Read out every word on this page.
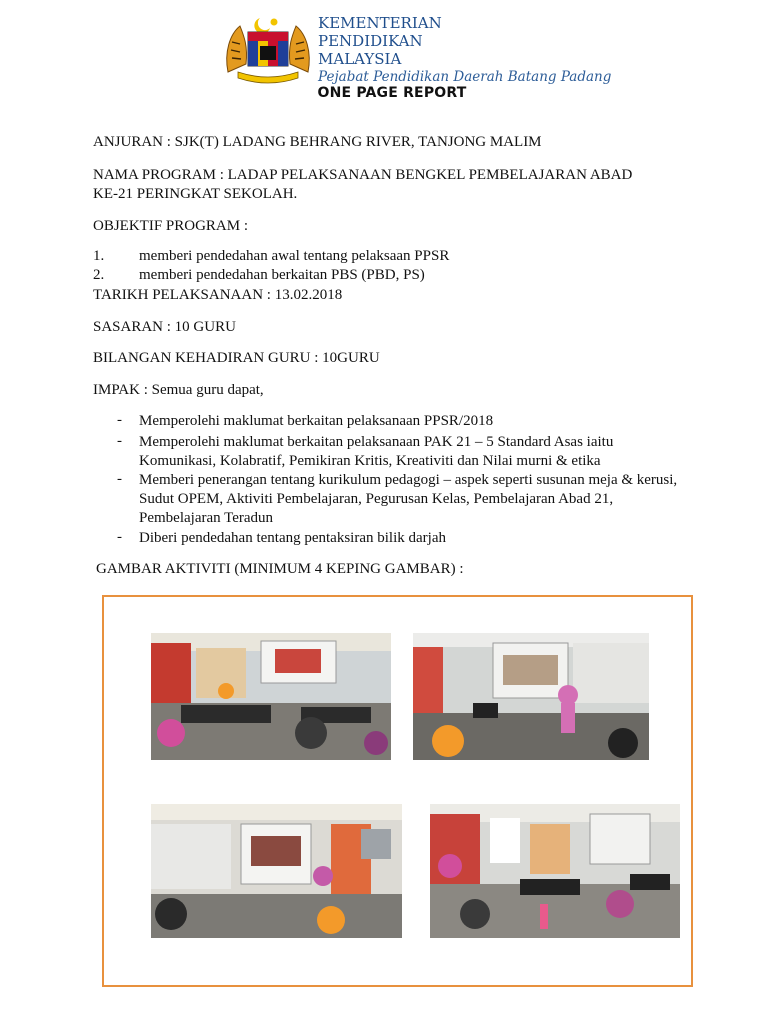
KEMENTERIAN
PENDIDIKAN
MALAYSIA
Pejabat Pendidikan Daerah Batang Padang
ONE PAGE REPORT
ANJURAN : SJK(T) LADANG BEHRANG RIVER, TANJONG MALIM
NAMA PROGRAM : LADAP PELAKSANAAN BENGKEL PEMBELAJARAN ABAD
KE-21 PERINGKAT SEKOLAH.
OBJEKTIF PROGRAM :
1. memberi pendedahan awal tentang pelaksaan PPSR
2. memberi pendedahan berkaitan PBS (PBD, PS)
TARIKH PELAKSANAAN : 13.02.2018
SASARAN : 10 GURU
BILANGAN KEHADIRAN GURU : 10GURU
IMPAK : Semua guru dapat,
- Memperolehi maklumat berkaitan pelaksanaan PPSR/2018
- Memperolehi maklumat berkaitan pelaksanaan PAK 21 – 5 Standard Asas iaitu Komunikasi, Kolabratif, Pemikiran Kritis, Kreativiti dan Nilai murni & etika
- Memberi penerangan tentang kurikulum pedagogi – aspek seperti susunan meja & kerusi, Sudut OPEM, Aktiviti Pembelajaran, Pegurusan Kelas, Pembelajaran Abad 21, Pembelajaran Teradun
- Diberi pendedahan tentang pentaksiran bilik darjah
GAMBAR AKTIVITI (MINIMUM 4 KEPING GAMBAR) :
